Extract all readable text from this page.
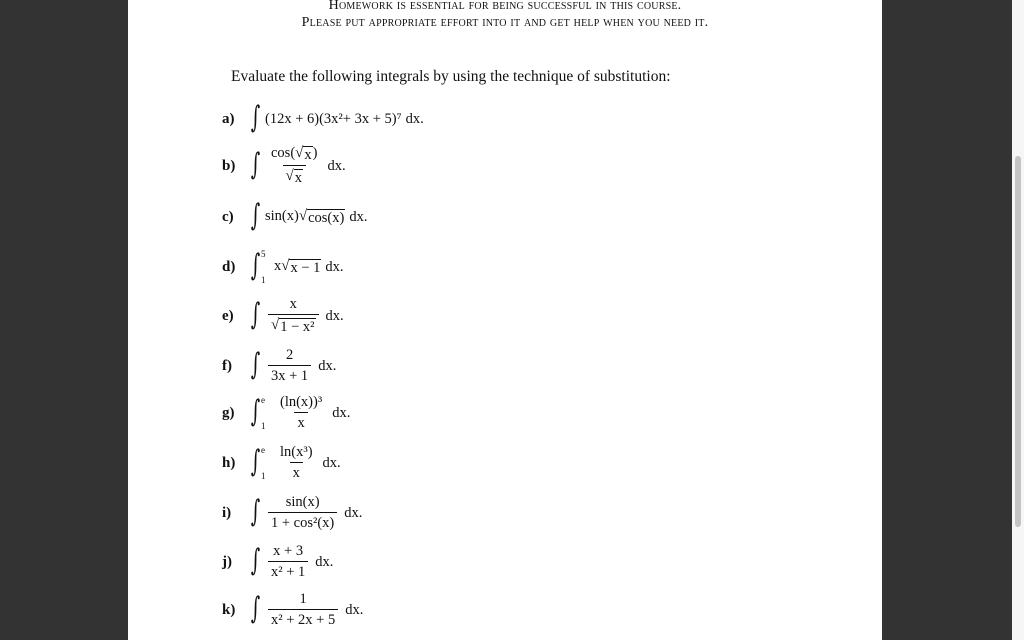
Homework is essential for being successful in this course.
Please put appropriate effort into it and get help when you need it.
Evaluate the following integrals by using the technique of substitution:
a) ∫ (12x + 6)(3x²+ 3x + 5)⁷ dx.
b) ∫ $\frac{\cos( √ x )}{√ x}$ dx.
c) ∫ sin(x) √ cos(x) dx.
d) ∫ 5
1
x √ x − 1 dx.
e) ∫ $\frac{x}{\text{√ 1 − x²}}$ dx.
f) ∫ $\frac{2}{3x + 1}$ dx.
g) ∫ e
$1 \frac{\text{(ln(x))³}}{x}$ dx.
h) ∫ e
$1 \frac{\text{ln(x³)}}{x}$ dx.
i) ∫ $\frac{\sin(x)}{\text{1 + cos²(x)}}$ dx.
j) ∫ $\frac{x + 3}{\text{x² + 1}}$ dx.
k) ∫ $\frac{1}{\text{x² + 2x + 5}}$ dx.
